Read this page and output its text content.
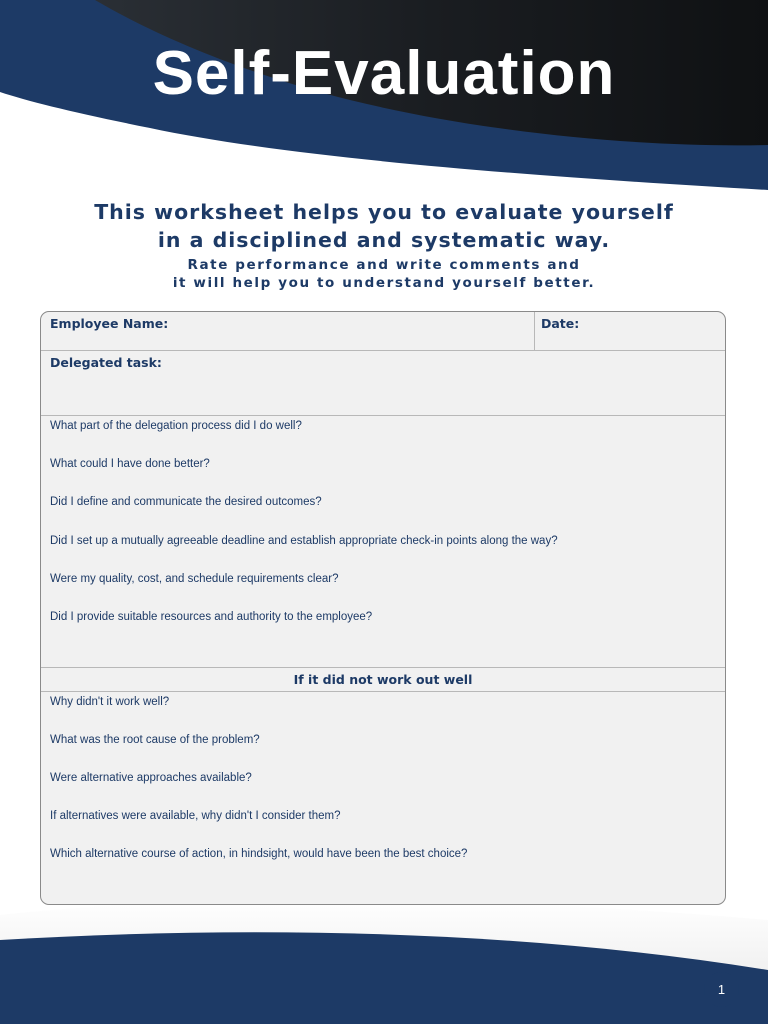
Self-Evaluation

This worksheet helps you to evaluate yourself

in a disciplined and systematic way.

Rate performance and write comments and

it will help you to understand yourself better.

Employee Name:	Date:
Delegated task:
What part of the delegation process did I do well?
What could I have done better?
Did I define and communicate the desired outcomes?
Did I set up a mutually agreeable deadline and establish appropriate check-in points along the way?
Were my quality, cost, and schedule requirements clear?
Did I provide suitable resources and authority to the employee?
If it did not work out well
Why didn't it work well?
What was the root cause of the problem?
Were alternative approaches available?
If alternatives were available, why didn't I consider them?
Which alternative course of action, in hindsight, would have been the best choice?
1
